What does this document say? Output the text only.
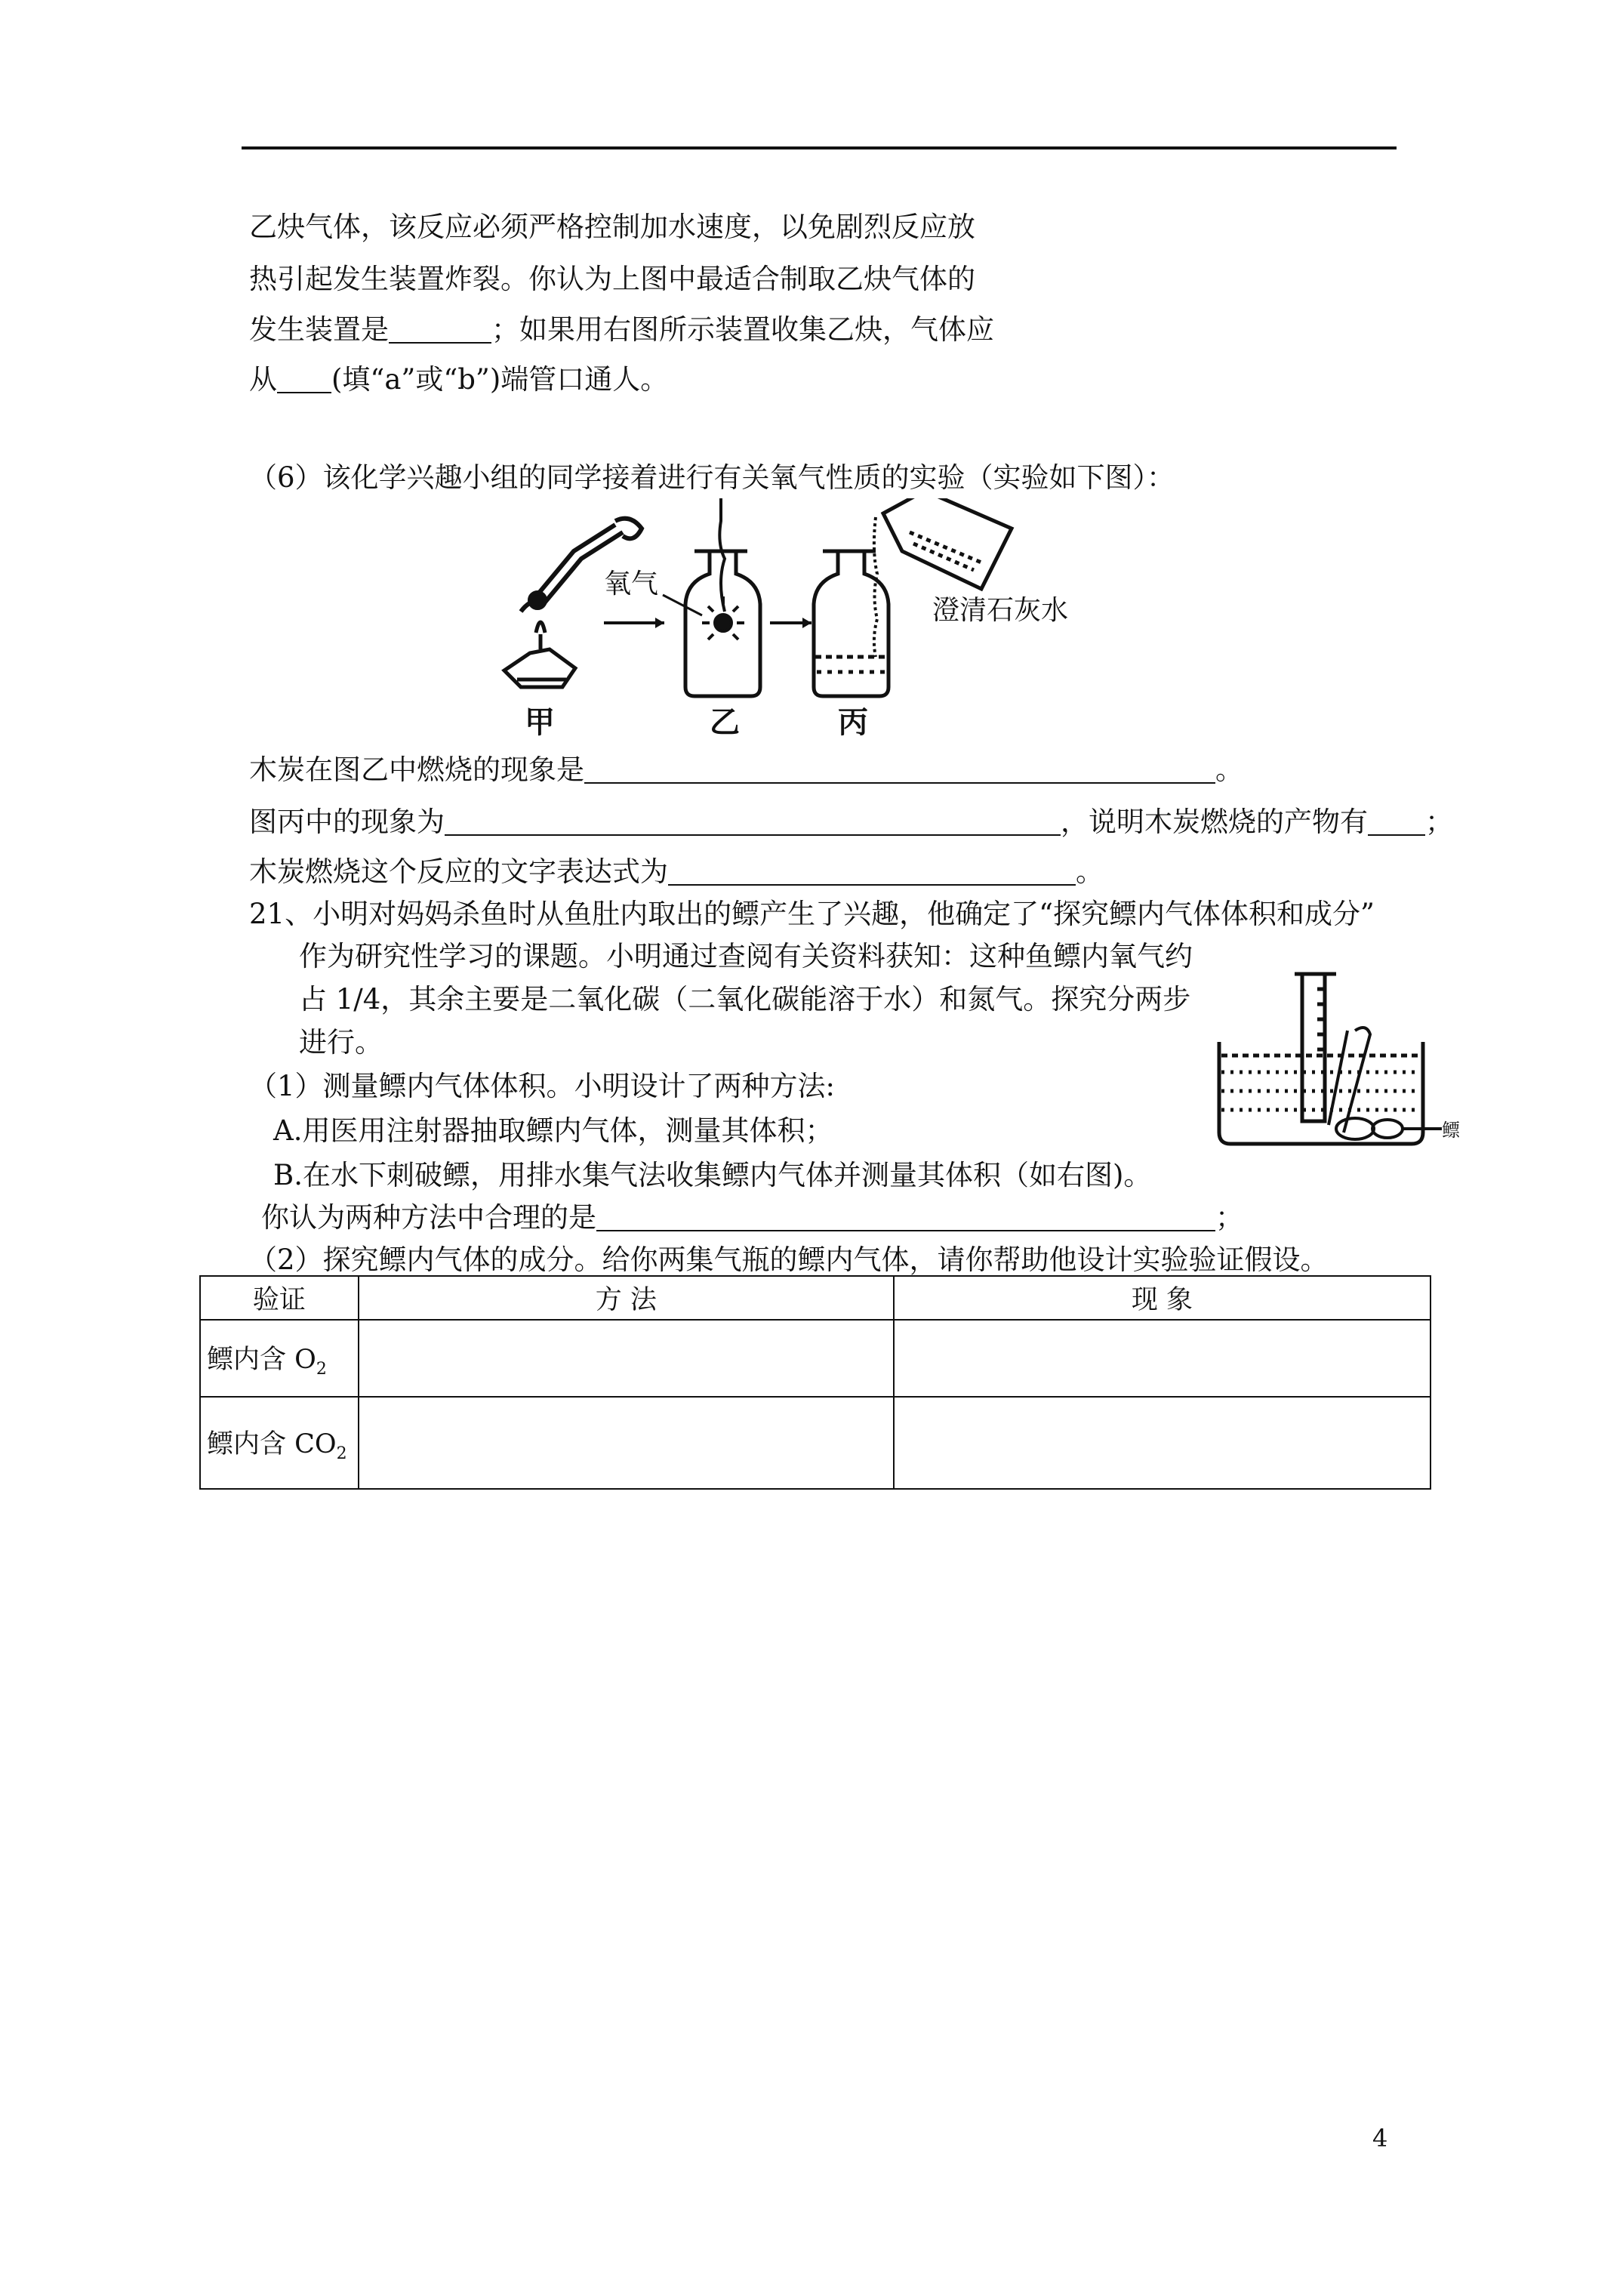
乙炔气体，该反应必须严格控制加水速度，以免剧烈反应放
热引起发生装置炸裂。你认为上图中最适合制取乙炔气体的
发生装置是	；如果用右图所示装置收集乙炔，气体应
从 (填“a”或“b”)端管口通人。
（6）该化学兴趣小组的同学接着进行有关氧气性质的实验（实验如下图）：
氧气
澄清石灰水
甲	乙	丙
木炭在图乙中燃烧的现象是	。
图丙中的现象为	，说明木炭燃烧的产物有 ；
木炭燃烧这个反应的文字表达式为	。
21、小明对妈妈杀鱼时从鱼肚内取出的鳔产生了兴趣，他确定了“探究鳔内气体体积和成分”
作为研究性学习的课题。小明通过查阅有关资料获知：这种鱼鳔内氧气约
占 1/4，其余主要是二氧化碳（二氧化碳能溶于水）和氮气。探究分两步
进行。
鳔
（1）测量鳔内气体体积。小明设计了两种方法:
A.用医用注射器抽取鳔内气体，测量其体积；
B.在水下刺破鳔，用排水集气法收集鳔内气体并测量其体积（如右图)。
你认为两种方法中合理的是	；
（2）探究鳔内气体的成分。给你两集气瓶的鳔内气体，请你帮助他设计实验验证假设。
验证	方 法	现 象
鳔内含 $O_2$		
鳔内含 $CO_2$		
4
